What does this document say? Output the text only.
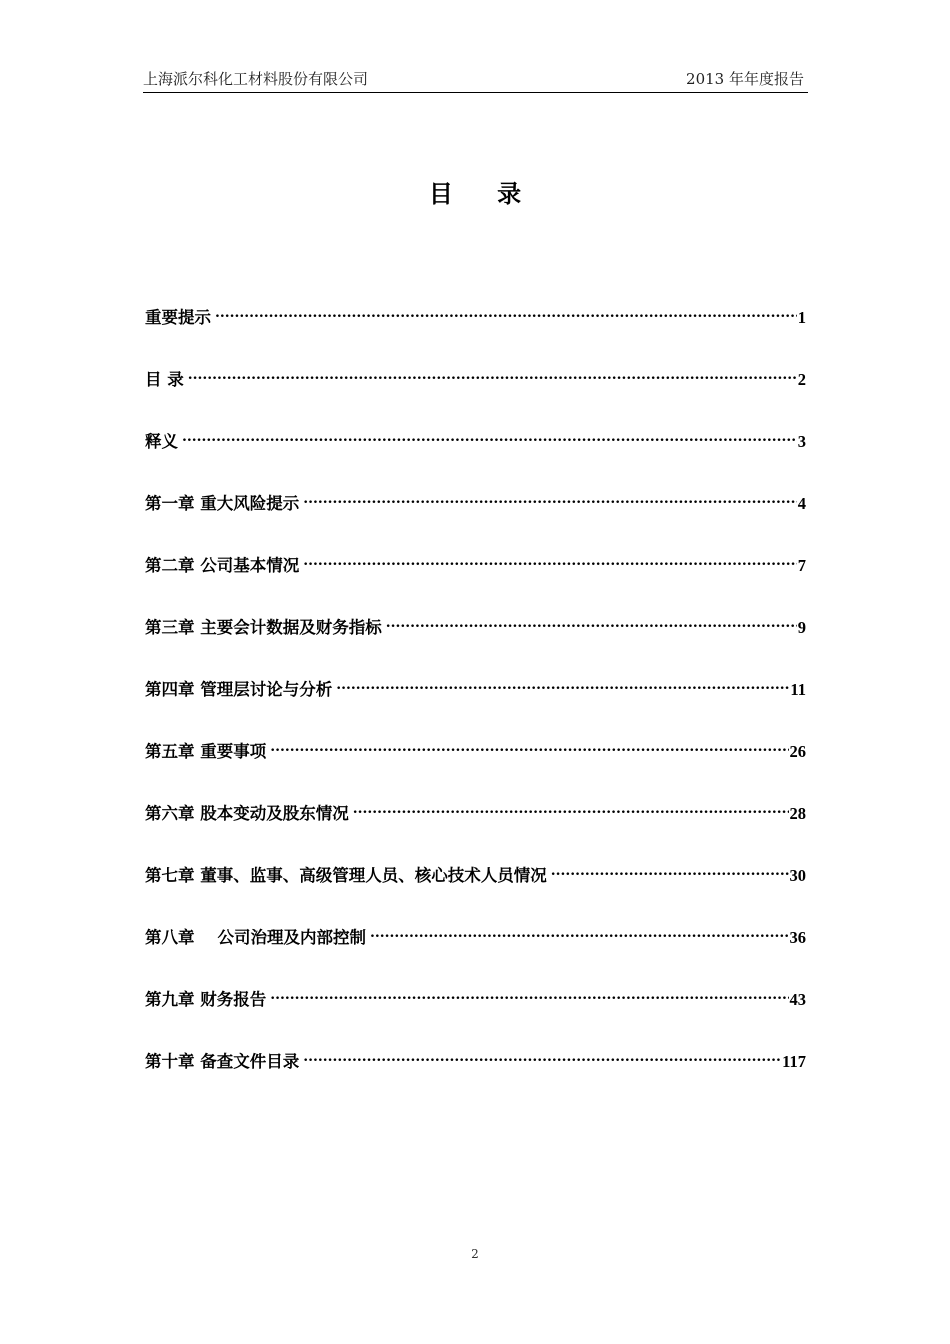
上海派尔科化工材料股份有限公司	2013 年年度报告
目 录
重要提示 .....	1
目 录 .....	2
释义 .....	3
第一章 重大风险提示 .....	4
第二章 公司基本情况 .....	7
第三章 主要会计数据及财务指标 .....	9
第四章 管理层讨论与分析 .....	11
第五章 重要事项 .....	26
第六章 股本变动及股东情况 .....	28
第七章 董事、监事、高级管理人员、核心技术人员情况 .....	30
第八章    公司治理及内部控制 .....	36
第九章 财务报告 .....	43
第十章 备查文件目录 .....	117
2
